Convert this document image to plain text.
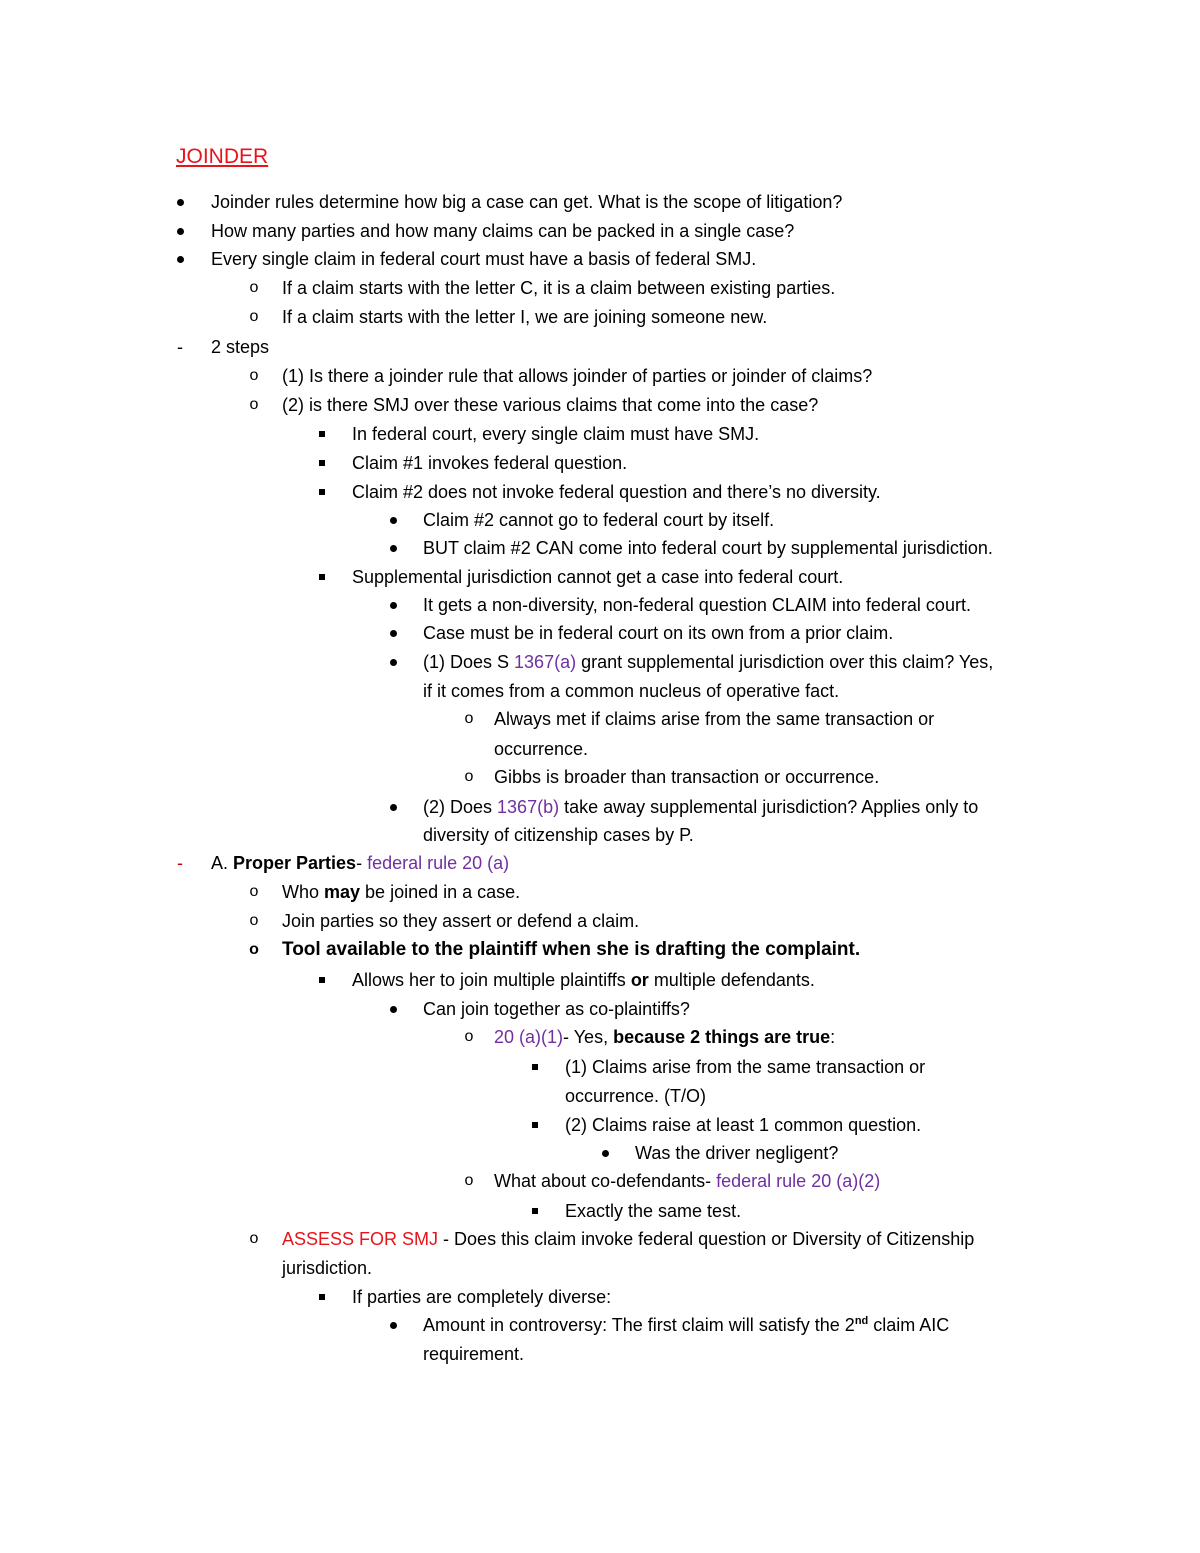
JOINDER
Joinder rules determine how big a case can get. What is the scope of litigation?
How many parties and how many claims can be packed in a single case?
Every single claim in federal court must have a basis of federal SMJ.
o	If a claim starts with the letter C, it is a claim between existing parties.
o	If a claim starts with the letter I, we are joining someone new.
-	2 steps
o	(1) Is there a joinder rule that allows joinder of parties or joinder of claims?
o	(2) is there SMJ over these various claims that come into the case?
In federal court, every single claim must have SMJ.
Claim #1 invokes federal question.
Claim #2 does not invoke federal question and there’s no diversity.
Claim #2 cannot go to federal court by itself.
BUT claim #2 CAN come into federal court by supplemental jurisdiction.
Supplemental jurisdiction cannot get a case into federal court.
It gets a non-diversity, non-federal question CLAIM into federal court.
Case must be in federal court on its own from a prior claim.
(1) Does S 1367(a) grant supplemental jurisdiction over this claim? Yes,
if it comes from a common nucleus of operative fact.
o	Always met if claims arise from the same transaction or
occurrence.
o	Gibbs is broader than transaction or occurrence.
(2) Does 1367(b) take away supplemental jurisdiction? Applies only to
diversity of citizenship cases by P.
-	A. Proper Parties- federal rule 20 (a)
o	Who may be joined in a case.
o	Join parties so they assert or defend a claim.
o Tool available to the plaintiff when she is drafting the complaint.
Allows her to join multiple plaintiffs or multiple defendants.
Can join together as co-plaintiffs?
o	20 (a)(1)- Yes, because 2 things are true:
(1) Claims arise from the same transaction or
occurrence. (T/O)
(2) Claims raise at least 1 common question.
Was the driver negligent?
o	What about co-defendants- federal rule 20 (a)(2)
Exactly the same test.
o	ASSESS FOR SMJ - Does this claim invoke federal question or Diversity of Citizenship
jurisdiction.
If parties are completely diverse:
Amount in controversy: The first claim will satisfy the 2nd claim AIC
requirement.
